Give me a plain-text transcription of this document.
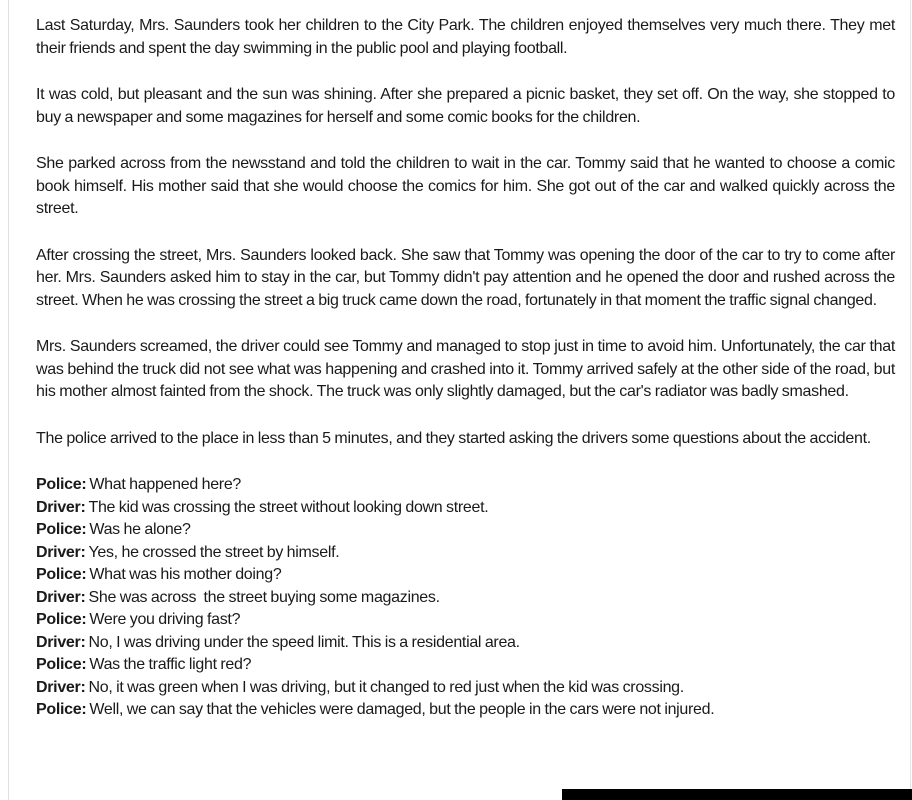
Last Saturday, Mrs. Saunders took her children to the City Park. The children enjoyed themselves very much there. They met their friends and spent the day swimming in the public pool and playing football.

It was cold, but pleasant and the sun was shining. After she prepared a picnic basket, they set off. On the way, she stopped to buy a newspaper and some magazines for herself and some comic books for the children.

She parked across from the newsstand and told the children to wait in the car. Tommy said that he wanted to choose a comic book himself. His mother said that she would choose the comics for him. She got out of the car and walked quickly across the street.

After crossing the street, Mrs. Saunders looked back. She saw that Tommy was opening the door of the car to try to come after her. Mrs. Saunders asked him to stay in the car, but Tommy didn't pay attention and he opened the door and rushed across the street. When he was crossing the street a big truck came down the road, fortunately in that moment the traffic signal changed.

Mrs. Saunders screamed, the driver could see Tommy and managed to stop just in time to avoid him. Unfortunately, the car that was behind the truck did not see what was happening and crashed into it. Tommy arrived safely at the other side of the road, but his mother almost fainted from the shock. The truck was only slightly damaged, but the car's radiator was badly smashed.

The police arrived to the place in less than 5 minutes, and they started asking the drivers some questions about the accident.

Police: What happened here?
Driver: The kid was crossing the street without looking down street.
Police: Was he alone?
Driver: Yes, he crossed the street by himself.
Police: What was his mother doing?
Driver: She was across  the street buying some magazines.
Police: Were you driving fast?
Driver: No, I was driving under the speed limit. This is a residential area.
Police: Was the traffic light red?
Driver: No, it was green when I was driving, but it changed to red just when the kid was crossing.
Police: Well, we can say that the vehicles were damaged, but the people in the cars were not injured.
